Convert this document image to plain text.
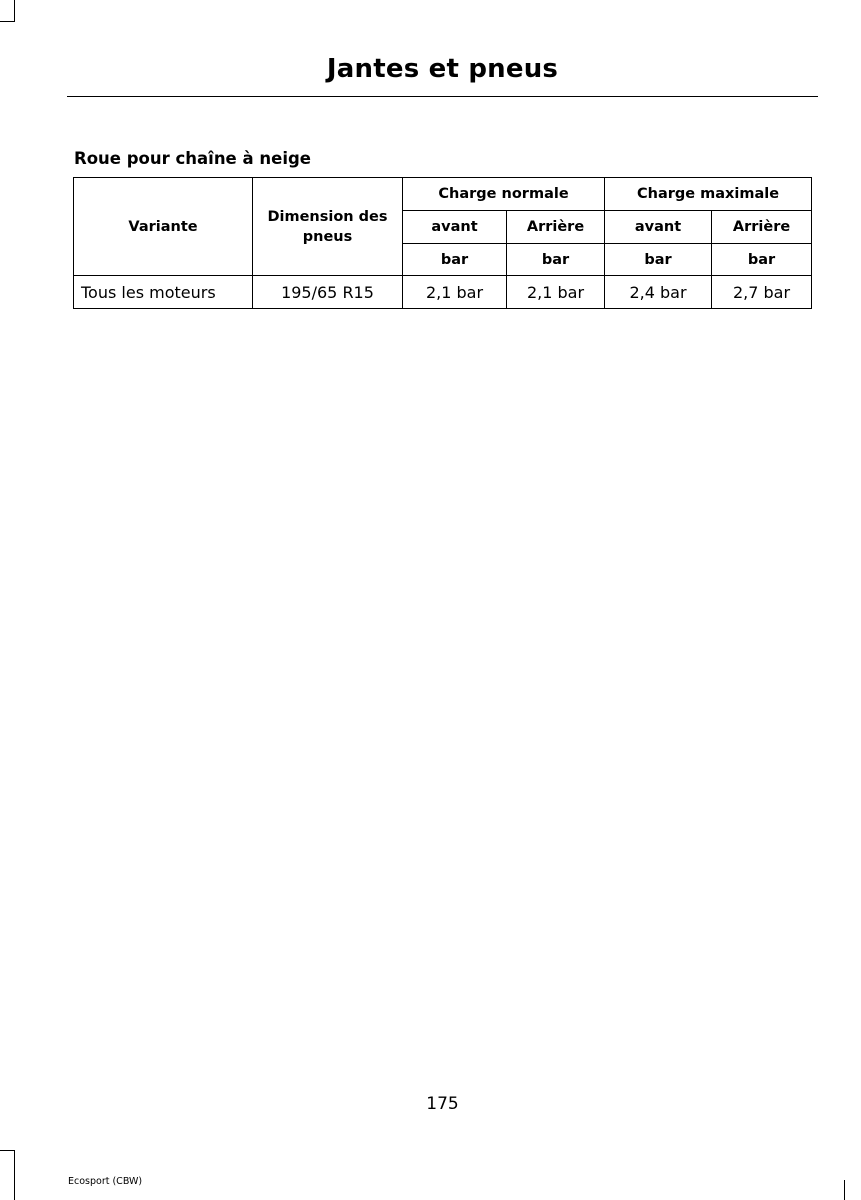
Jantes et pneus
Roue pour chaîne à neige
Variante	Dimension des pneus	Charge normale		Charge maximale	
		avant	Arrière	avant	Arrière
		bar	bar	bar	bar
Tous les moteurs	195/65 R15	2,1 bar	2,1 bar	2,4 bar	2,7 bar
175
Ecosport (CBW)
